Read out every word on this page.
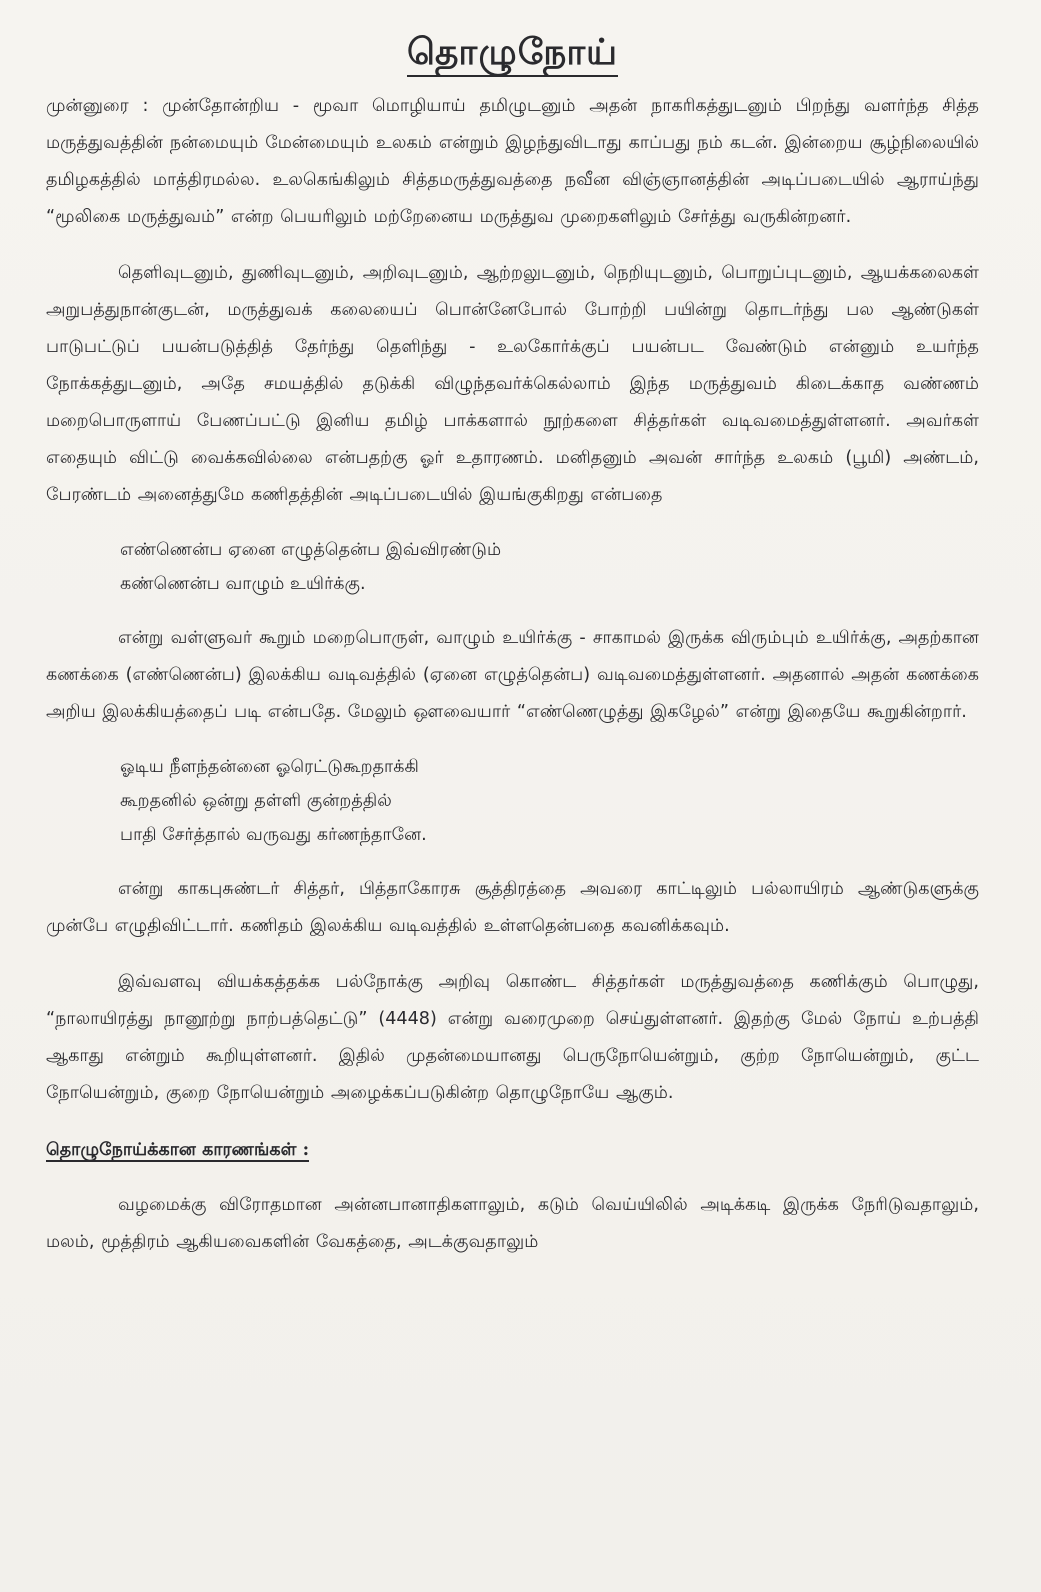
தொழுநோய்

முன்னுரை : முன்தோன்றிய - மூவா மொழியாய் தமிழுடனும் அதன் நாகரிகத்துடனும் பிறந்து வளர்ந்த சித்த மருத்துவத்தின் நன்மையும் மேன்மையும் உலகம் என்றும் இழந்துவிடாது காப்பது நம் கடன். இன்றைய சூழ்நிலையில் தமிழகத்தில் மாத்திரமல்ல. உலகெங்கிலும் சித்தமருத்துவத்தை நவீன விஞ்ஞானத்தின் அடிப்படையில் ஆராய்ந்து “மூலிகை மருத்துவம்” என்ற பெயரிலும் மற்றேனைய மருத்துவ முறைகளிலும் சேர்த்து வருகின்றனர்.

தெளிவுடனும், துணிவுடனும், அறிவுடனும், ஆற்றலுடனும், நெறியுடனும், பொறுப்புடனும், ஆயக்கலைகள் அறுபத்துநான்குடன், மருத்துவக் கலையைப் பொன்னேபோல் போற்றி பயின்று தொடர்ந்து பல ஆண்டுகள் பாடுபட்டுப் பயன்படுத்தித் தேர்ந்து தெளிந்து - உலகோர்க்குப் பயன்பட வேண்டும் என்னும் உயர்ந்த நோக்கத்துடனும், அதே சமயத்தில் தடுக்கி விழுந்தவர்க்கெல்லாம் இந்த மருத்துவம் கிடைக்காத வண்ணம் மறைபொருளாய் பேணப்பட்டு இனிய தமிழ் பாக்களால் நூற்களை சித்தர்கள் வடிவமைத்துள்ளனர். அவர்கள் எதையும் விட்டு வைக்கவில்லை என்பதற்கு ஓர் உதாரணம். மனிதனும் அவன் சார்ந்த உலகம் (பூமி) அண்டம், பேரண்டம் அனைத்துமே கணிதத்தின் அடிப்படையில் இயங்குகிறது என்பதை

எண்ணென்ப ஏனை எழுத்தென்ப இவ்விரண்டும்
கண்ணென்ப வாழும் உயிர்க்கு.

என்று வள்ளுவர் கூறும் மறைபொருள், வாழும் உயிர்க்கு - சாகாமல் இருக்க விரும்பும் உயிர்க்கு, அதற்கான கணக்கை (எண்ணென்ப) இலக்கிய வடிவத்தில் (ஏனை எழுத்தென்ப) வடிவமைத்துள்ளனர். அதனால் அதன் கணக்கை அறிய இலக்கியத்தைப் படி என்பதே. மேலும் ஔவையார் “எண்ணெழுத்து இகழேல்” என்று இதையே கூறுகின்றார்.

ஓடிய நீளந்தன்னை ஓரெட்டுகூறதாக்கி
கூறதனில் ஒன்று தள்ளி குன்றத்தில்
பாதி சேர்த்தால் வருவது கர்ணந்தானே.

என்று காகபுசுண்டர் சித்தர், பித்தாகோரசு சூத்திரத்தை அவரை காட்டிலும் பல்லாயிரம் ஆண்டுகளுக்கு முன்பே எழுதிவிட்டார். கணிதம் இலக்கிய வடிவத்தில் உள்ளதென்பதை கவனிக்கவும்.

இவ்வளவு வியக்கத்தக்க பல்நோக்கு அறிவு கொண்ட சித்தர்கள் மருத்துவத்தை கணிக்கும் பொழுது, “நாலாயிரத்து நானூற்று நாற்பத்தெட்டு” (4448) என்று வரைமுறை செய்துள்ளனர். இதற்கு மேல் நோய் உற்பத்தி ஆகாது என்றும் கூறியுள்ளனர். இதில் முதன்மையானது பெருநோயென்றும், குற்ற நோயென்றும், குட்ட நோயென்றும், குறை நோயென்றும் அழைக்கப்படுகின்ற தொழுநோயே ஆகும்.

தொழுநோய்க்கான காரணங்கள் :

வழமைக்கு விரோதமான அன்னபானாதிகளாலும், கடும் வெய்யிலில் அடிக்கடி இருக்க நேரிடுவதாலும், மலம், மூத்திரம் ஆகியவைகளின் வேகத்தை, அடக்குவதாலும்
